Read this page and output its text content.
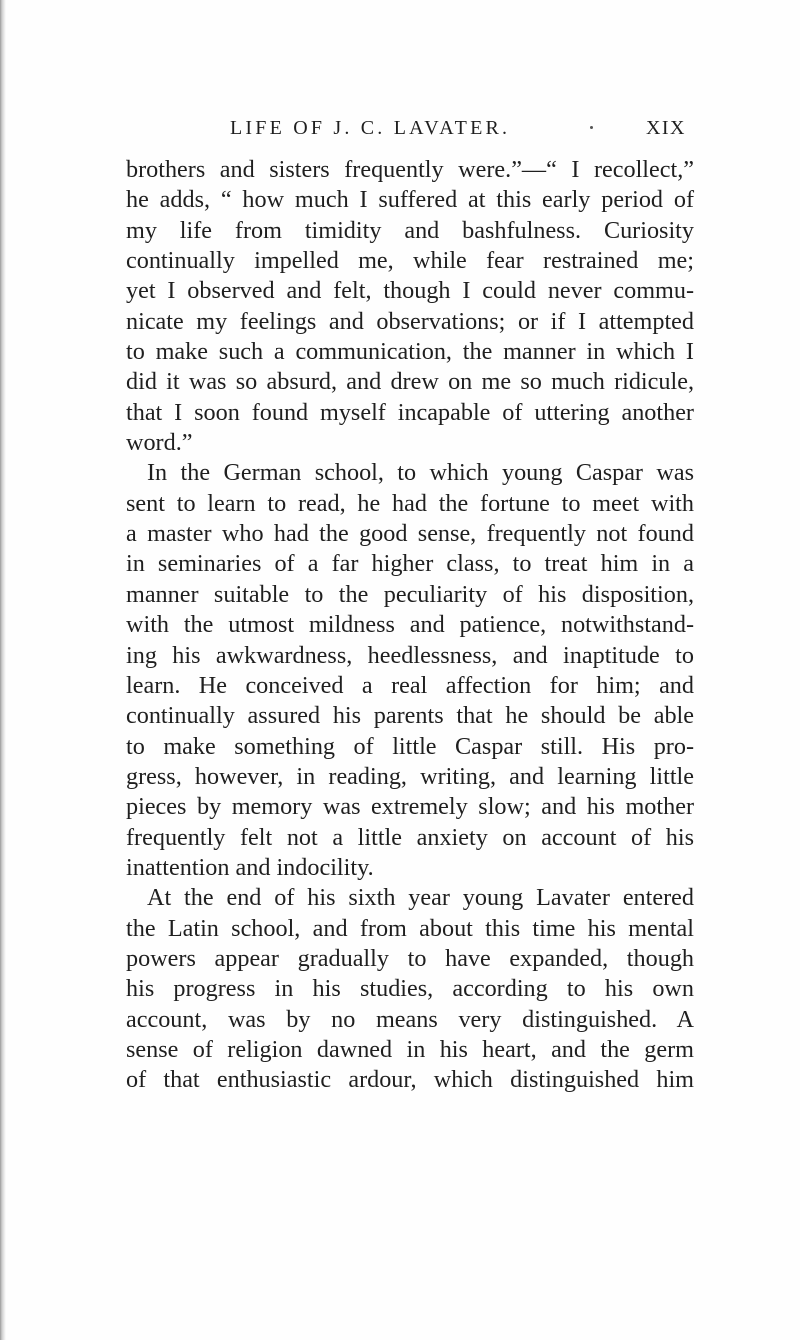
LIFE OF J. C. LAVATER.	XIX
brothers and sisters frequently were.”—“ I recollect,”
he adds, “ how much I suffered at this early period of
my life from timidity and bashfulness. Curiosity
continually impelled me, while fear restrained me;
yet I observed and felt, though I could never commu-
nicate my feelings and observations; or if I attempted
to make such a communication, the manner in which I
did it was so absurd, and drew on me so much ridicule,
that I soon found myself incapable of uttering another
word.”
In the German school, to which young Caspar was
sent to learn to read, he had the fortune to meet with
a master who had the good sense, frequently not found
in seminaries of a far higher class, to treat him in a
manner suitable to the peculiarity of his disposition,
with the utmost mildness and patience, notwithstand-
ing his awkwardness, heedlessness, and inaptitude to
learn. He conceived a real affection for him; and
continually assured his parents that he should be able
to make something of little Caspar still. His pro-
gress, however, in reading, writing, and learning little
pieces by memory was extremely slow; and his mother
frequently felt not a little anxiety on account of his
inattention and indocility.
At the end of his sixth year young Lavater entered
the Latin school, and from about this time his mental
powers appear gradually to have expanded, though
his progress in his studies, according to his own
account, was by no means very distinguished. A
sense of religion dawned in his heart, and the germ
of that enthusiastic ardour, which distinguished him
